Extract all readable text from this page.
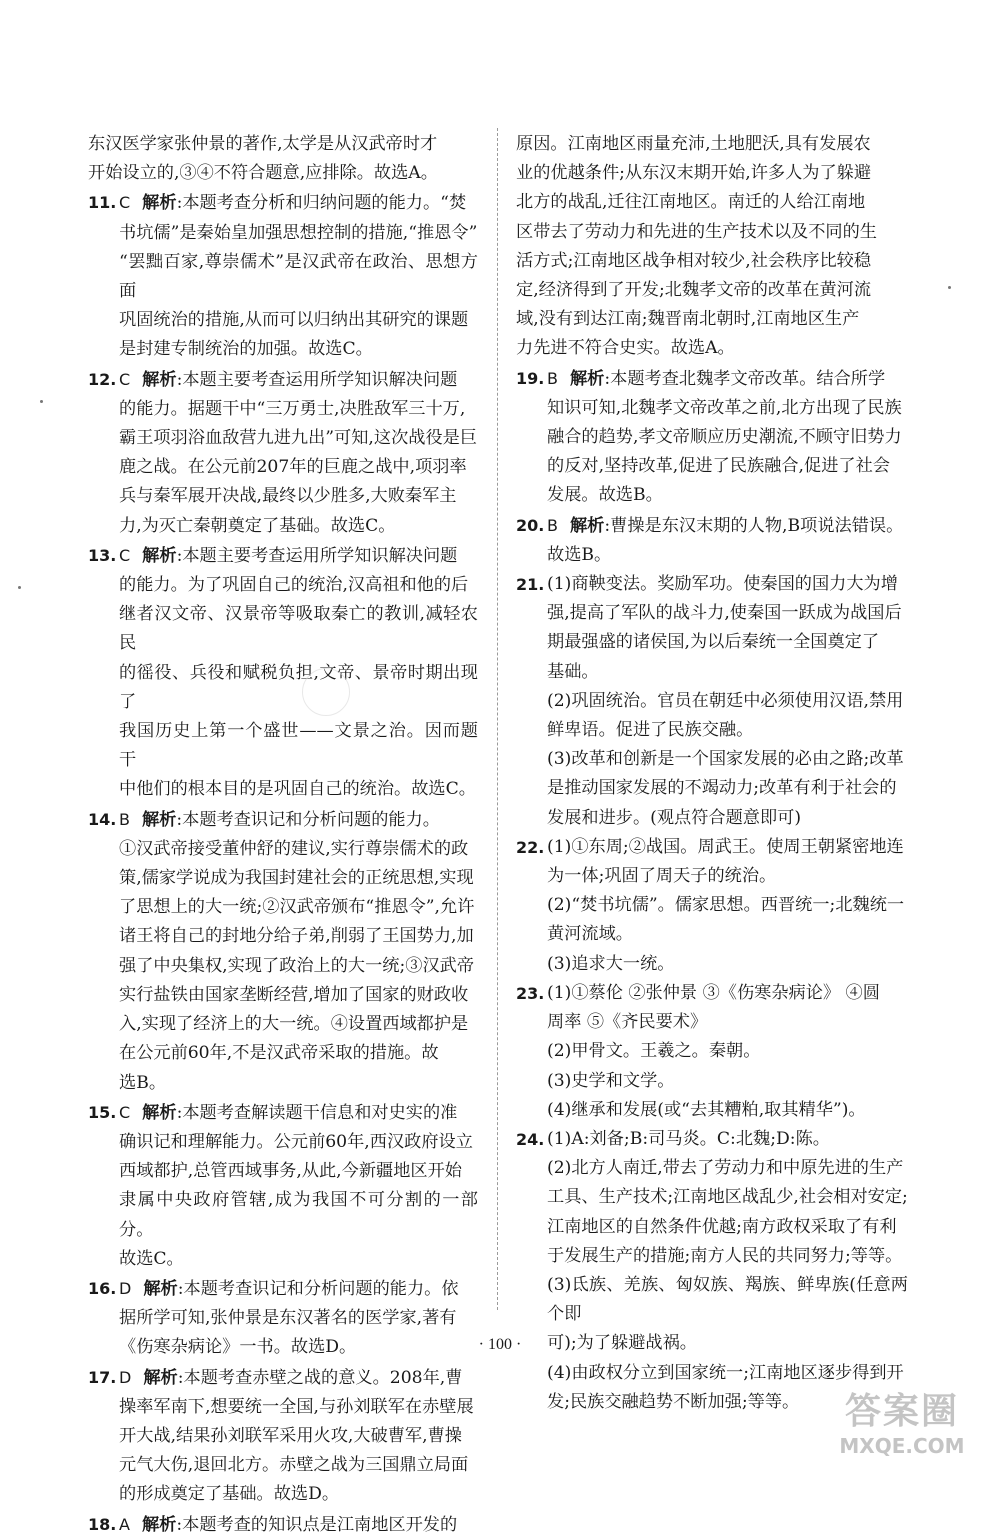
东汉医学家张仲景的著作,太学是从汉武帝时才
开始设立的,③④不符合题意,应排除。故选A。
11. C 解析:本题考查分析和归纳问题的能力。“焚
书坑儒”是秦始皇加强思想控制的措施,“推恩令”
“罢黜百家,尊崇儒术”是汉武帝在政治、思想方面
巩固统治的措施,从而可以归纳出其研究的课题
是封建专制统治的加强。故选C。
12. C 解析:本题主要考查运用所学知识解决问题
的能力。据题干中“三万勇士,决胜敌军三十万,
霸王项羽浴血敌营九进九出”可知,这次战役是巨
鹿之战。在公元前207年的巨鹿之战中,项羽率
兵与秦军展开决战,最终以少胜多,大败秦军主
力,为灭亡秦朝奠定了基础。故选C。
13. C 解析:本题主要考查运用所学知识解决问题
的能力。为了巩固自己的统治,汉高祖和他的后
继者汉文帝、汉景帝等吸取秦亡的教训,减轻农民
的徭役、兵役和赋税负担,文帝、景帝时期出现了
我国历史上第一个盛世——文景之治。因而题干
中他们的根本目的是巩固自己的统治。故选C。
14. B 解析:本题考查识记和分析问题的能力。
①汉武帝接受董仲舒的建议,实行尊崇儒术的政
策,儒家学说成为我国封建社会的正统思想,实现
了思想上的大一统;②汉武帝颁布“推恩令”,允许
诸王将自己的封地分给子弟,削弱了王国势力,加
强了中央集权,实现了政治上的大一统;③汉武帝
实行盐铁由国家垄断经营,增加了国家的财政收
入,实现了经济上的大一统。④设置西域都护是
在公元前60年,不是汉武帝采取的措施。故
选B。
15. C 解析:本题考查解读题干信息和对史实的准
确识记和理解能力。公元前60年,西汉政府设立
西域都护,总管西域事务,从此,今新疆地区开始
隶属中央政府管辖,成为我国不可分割的一部分。
故选C。
16. D 解析:本题考查识记和分析问题的能力。依
据所学可知,张仲景是东汉著名的医学家,著有
《伤寒杂病论》一书。故选D。
17. D 解析:本题考查赤壁之战的意义。208年,曹
操率军南下,想要统一全国,与孙刘联军在赤壁展
开大战,结果孙刘联军采用火攻,大破曹军,曹操
元气大伤,退回北方。赤壁之战为三国鼎立局面
的形成奠定了基础。故选D。
18. A 解析:本题考查的知识点是江南地区开发的
原因。江南地区雨量充沛,土地肥沃,具有发展农
业的优越条件;从东汉末期开始,许多人为了躲避
北方的战乱,迁往江南地区。南迁的人给江南地
区带去了劳动力和先进的生产技术以及不同的生
活方式;江南地区战争相对较少,社会秩序比较稳
定,经济得到了开发;北魏孝文帝的改革在黄河流
域,没有到达江南;魏晋南北朝时,江南地区生产
力先进不符合史实。故选A。
19. B 解析:本题考查北魏孝文帝改革。结合所学
知识可知,北魏孝文帝改革之前,北方出现了民族
融合的趋势,孝文帝顺应历史潮流,不顾守旧势力
的反对,坚持改革,促进了民族融合,促进了社会
发展。故选B。
20. B 解析:曹操是东汉末期的人物,B项说法错误。
故选B。
21. (1)商鞅变法。奖励军功。使秦国的国力大为增
强,提高了军队的战斗力,使秦国一跃成为战国后
期最强盛的诸侯国,为以后秦统一全国奠定了
基础。
(2)巩固统治。官员在朝廷中必须使用汉语,禁用
鲜卑语。促进了民族交融。
(3)改革和创新是一个国家发展的必由之路;改革
是推动国家发展的不竭动力;改革有利于社会的
发展和进步。(观点符合题意即可)
22. (1)①东周;②战国。周武王。使周王朝紧密地连
为一体;巩固了周天子的统治。
(2)“焚书坑儒”。儒家思想。西晋统一;北魏统一
黄河流域。
(3)追求大一统。
23. (1)①蔡伦 ②张仲景 ③《伤寒杂病论》 ④圆
周率 ⑤《齐民要术》
(2)甲骨文。王羲之。秦朝。
(3)史学和文学。
(4)继承和发展(或“去其糟粕,取其精华”)。
24. (1)A:刘备;B:司马炎。C:北魏;D:陈。
(2)北方人南迁,带去了劳动力和中原先进的生产
工具、生产技术;江南地区战乱少,社会相对安定;
江南地区的自然条件优越;南方政权采取了有利
于发展生产的措施;南方人民的共同努力;等等。
(3)氐族、羌族、匈奴族、羯族、鲜卑族(任意两个即
可);为了躲避战祸。
(4)由政权分立到国家统一;江南地区逐步得到开
发;民族交融趋势不断加强;等等。
· 100 ·
答案圈
MXQE.COM
